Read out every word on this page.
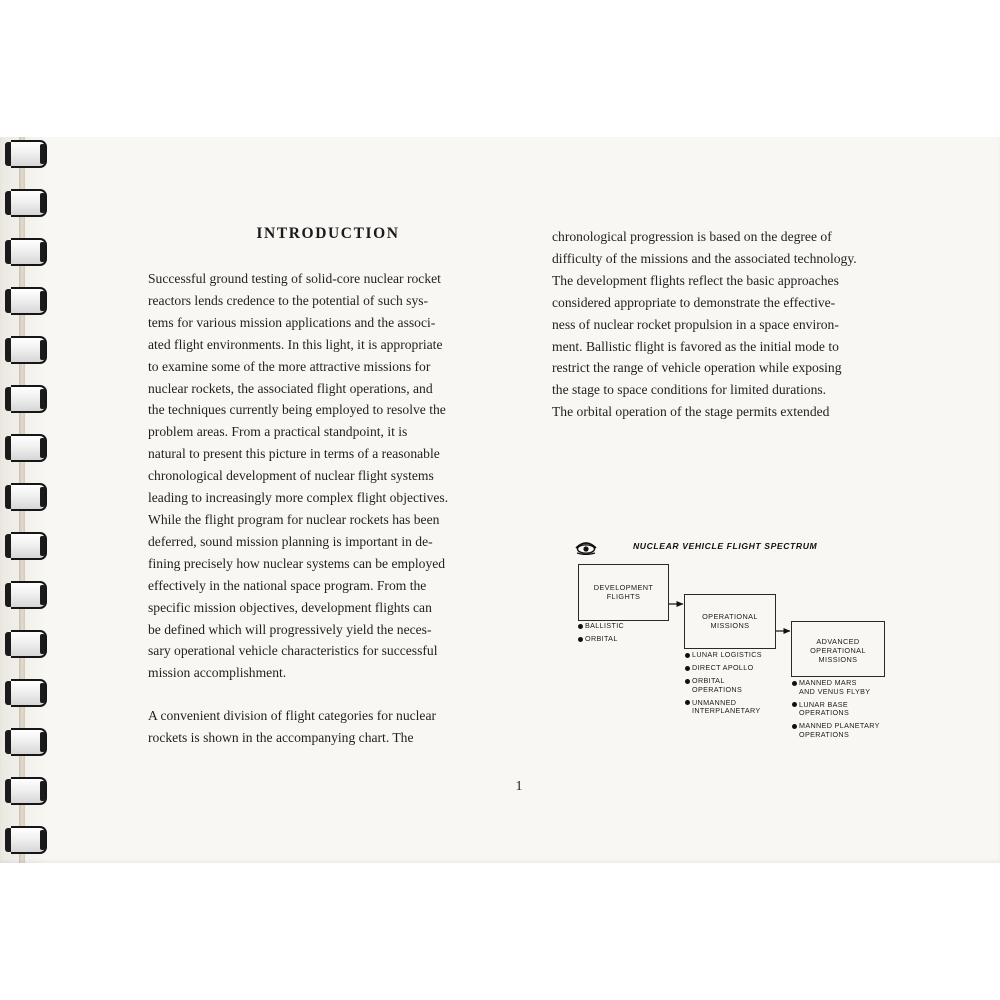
INTRODUCTION

Successful ground testing of solid-core nuclear rocket
reactors lends credence to the potential of such sys-
tems for various mission applications and the associ-
ated flight environments. In this light, it is appropriate
to examine some of the more attractive missions for
nuclear rockets, the associated flight operations, and
the techniques currently being employed to resolve the
problem areas. From a practical standpoint, it is
natural to present this picture in terms of a reasonable
chronological development of nuclear flight systems
leading to increasingly more complex flight objectives.
While the flight program for nuclear rockets has been
deferred, sound mission planning is important in de-
fining precisely how nuclear systems can be employed
effectively in the national space program. From the
specific mission objectives, development flights can
be defined which will progressively yield the neces-
sary operational vehicle characteristics for successful
mission accomplishment.

A convenient division of flight categories for nuclear
rockets is shown in the accompanying chart. The

chronological progression is based on the degree of
difficulty of the missions and the associated technology.
The development flights reflect the basic approaches
considered appropriate to demonstrate the effective-
ness of nuclear rocket propulsion in a space environ-
ment. Ballistic flight is favored as the initial mode to
restrict the range of vehicle operation while exposing
the stage to space conditions for limited durations.
The orbital operation of the stage permits extended

NUCLEAR VEHICLE FLIGHT SPECTRUM
DEVELOPMENT
FLIGHTS
OPERATIONAL
MISSIONS
ADVANCED
OPERATIONAL
MISSIONS
BALLISTIC
ORBITAL
LUNAR LOGISTICS
DIRECT APOLLO
ORBITAL
OPERATIONS
UNMANNED
INTERPLANETARY
MANNED MARS
AND VENUS FLYBY
LUNAR BASE
OPERATIONS
MANNED PLANETARY
OPERATIONS
1
